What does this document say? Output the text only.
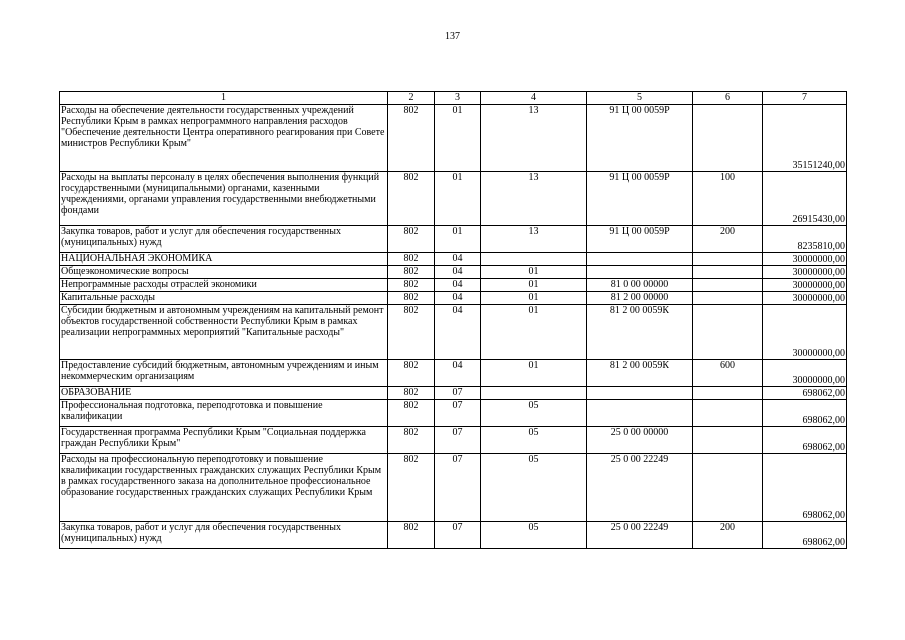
137
1	2	3	4	5	6	7
Расходы на обеспечение деятельности государственных учреждений Республики Крым в рамках непрограммного направления расходов "Обеспечение деятельности Центра оперативного реагирования при Совете министров Республики Крым"	802	01	13	91 Ц 00 0059Р		35151240,00
Расходы на выплаты персоналу в целях обеспечения выполнения функций государственными (муниципальными) органами, казенными учреждениями, органами управления государственными внебюджетными фондами	802	01	13	91 Ц 00 0059Р	100	26915430,00
Закупка товаров, работ и услуг для обеспечения государственных (муниципальных) нужд	802	01	13	91 Ц 00 0059Р	200	8235810,00
НАЦИОНАЛЬНАЯ ЭКОНОМИКА	802	04				30000000,00
Общеэкономические вопросы	802	04	01			30000000,00
Непрограммные расходы отраслей экономики	802	04	01	81 0 00 00000		30000000,00
Капитальные расходы	802	04	01	81 2 00 00000		30000000,00
Субсидии бюджетным и автономным учреждениям на капитальный ремонт объектов государственной собственности Республики Крым в рамках реализации непрограммных мероприятий "Капитальные расходы"	802	04	01	81 2 00 0059К		30000000,00
Предоставление субсидий бюджетным, автономным учреждениям и иным некоммерческим организациям	802	04	01	81 2 00 0059К	600	30000000,00
ОБРАЗОВАНИЕ	802	07				698062,00
Профессиональная подготовка, переподготовка и повышение квалификации	802	07	05			698062,00
Государственная программа Республики Крым "Социальная поддержка граждан Республики Крым"	802	07	05	25 0 00 00000		698062,00
Расходы на профессиональную переподготовку и повышение квалификации государственных гражданских служащих Республики Крым в рамках государственного заказа на дополнительное профессиональное образование государственных гражданских служащих Республики Крым	802	07	05	25 0 00 22249		698062,00
Закупка товаров, работ и услуг для обеспечения государственных (муниципальных) нужд	802	07	05	25 0 00 22249	200	698062,00
